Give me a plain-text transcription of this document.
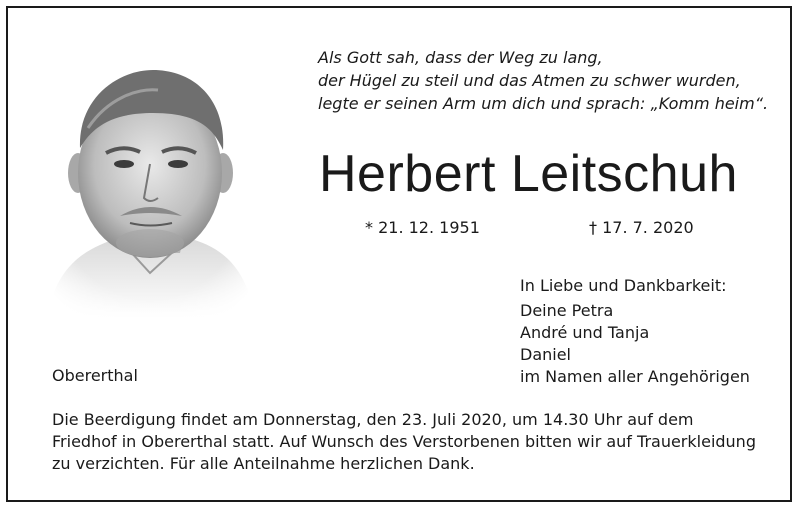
Als Gott sah, dass der Weg zu lang,
der Hügel zu steil und das Atmen zu schwer wurden,
legte er seinen Arm um dich und sprach: „Komm heim“.
Herbert Leitschuh
* 21. 12. 1951	† 17. 7. 2020
In Liebe und Dankbarkeit:
Deine Petra
André und Tanja
Daniel
im Namen aller Angehörigen
Obererthal
Die Beerdigung findet am Donnerstag, den 23. Juli 2020, um 14.30 Uhr auf dem
Friedhof in Obererthal statt. Auf Wunsch des Verstorbenen bitten wir auf Trauerkleidung
zu verzichten. Für alle Anteilnahme herzlichen Dank.
